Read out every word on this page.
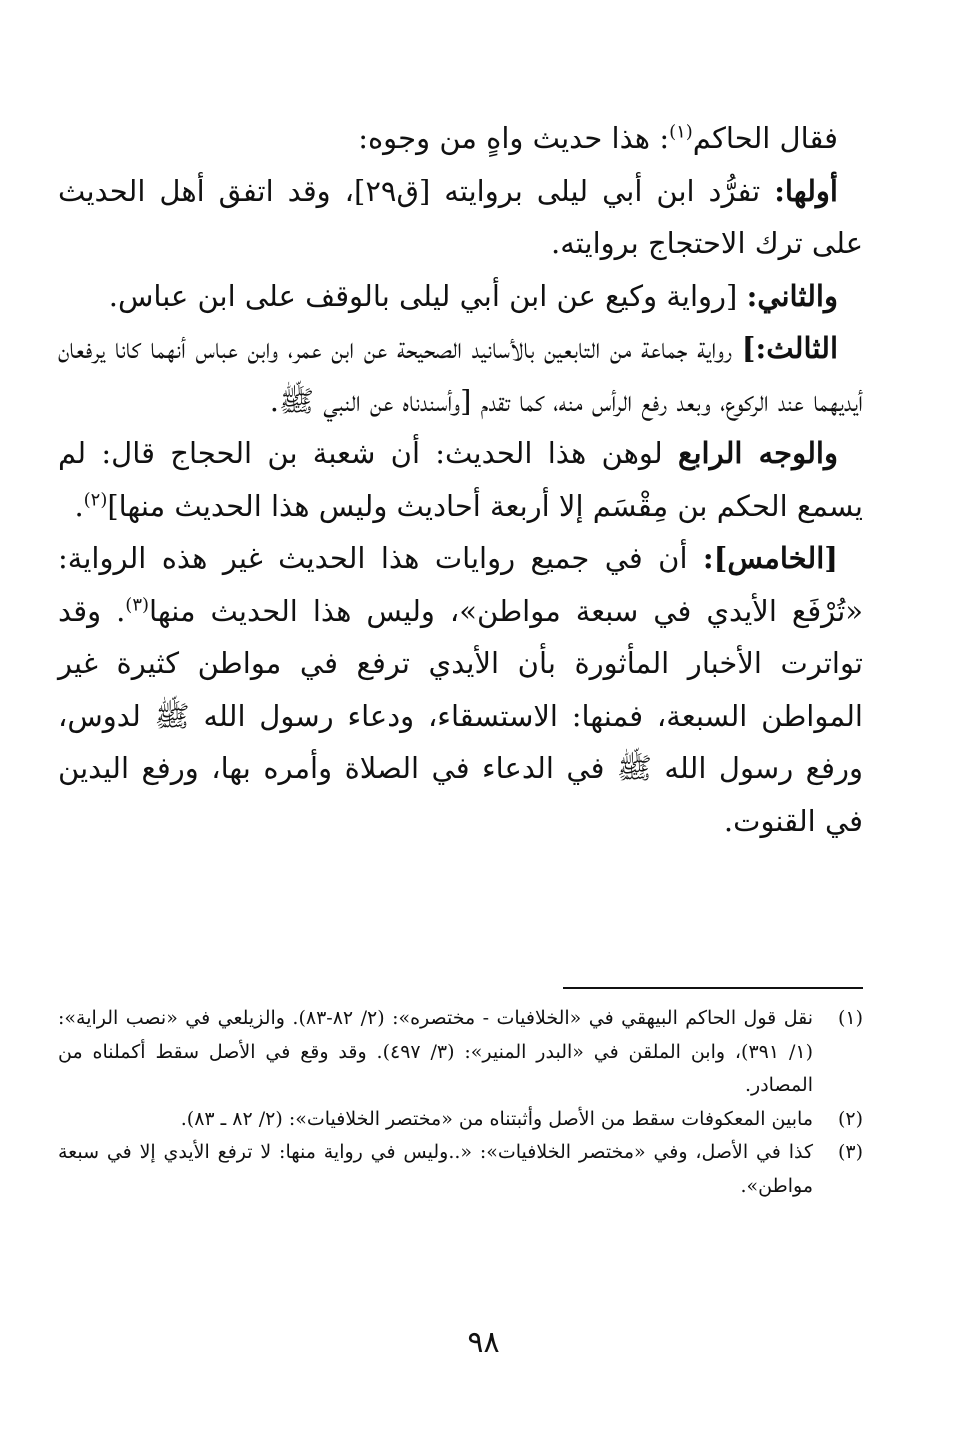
فقال الحاكم$^{(١)}$: هذا حديث واهٍ من وجوه:

أولها: تفرُّد ابن أبي ليلى بروايته [ق٢٩]، وقد اتفق أهل الحديث على ترك الاحتجاج بروايته.

والثاني: [رواية وكيع عن ابن أبي ليلى بالوقف على ابن عباس.

الثالث:] رواية جماعة من التابعين بالأسانيد الصحيحة عن ابن عمر، وابن عباس أنهما كانا يرفعان أيديهما عند الركوع، وبعد رفع الرأس منه، كما تقدم [وأسندناه عن النبي ﷺ.

والوجه الرابع لوهن هذا الحديث: أن شعبة بن الحجاج قال: لم يسمع الحكم بن مِقْسَم إلا أربعة أحاديث وليس هذا الحديث منها]$^{(٢)}$.

[الخامس]: أن في جميع روايات هذا الحديث غير هذه الرواية: «تُرْفَع الأيدي في سبعة مواطن»، وليس هذا الحديث منها$^{(٣)}$. وقد تواترت الأخبار المأثورة بأن الأيدي ترفع في مواطن كثيرة غير المواطن السبعة، فمنها: الاستسقاء، ودعاء رسول الله ﷺ لدوس، ورفع رسول الله ﷺ في الدعاء في الصلاة وأمره بها، ورفع اليدين في القنوت.

(١)
نقل قول الحاكم البيهقي في «الخلافيات - مختصره»: (٢/ ٨٢-٨٣). والزيلعي في «نصب الراية»: (١/ ٣٩١)، وابن الملقن في «البدر المنير»: (٣/ ٤٩٧). وقد وقع في الأصل سقط أكملناه من المصادر.
(٢)
مابين المعكوفات سقط من الأصل وأثبتناه من «مختصر الخلافيات»: (٢/ ٨٢ ـ ٨٣).
(٣)
كذا في الأصل، وفي «مختصر الخلافيات»: «..وليس في رواية منها: لا ترفع الأيدي إلا في سبعة مواطن».
٩٨
